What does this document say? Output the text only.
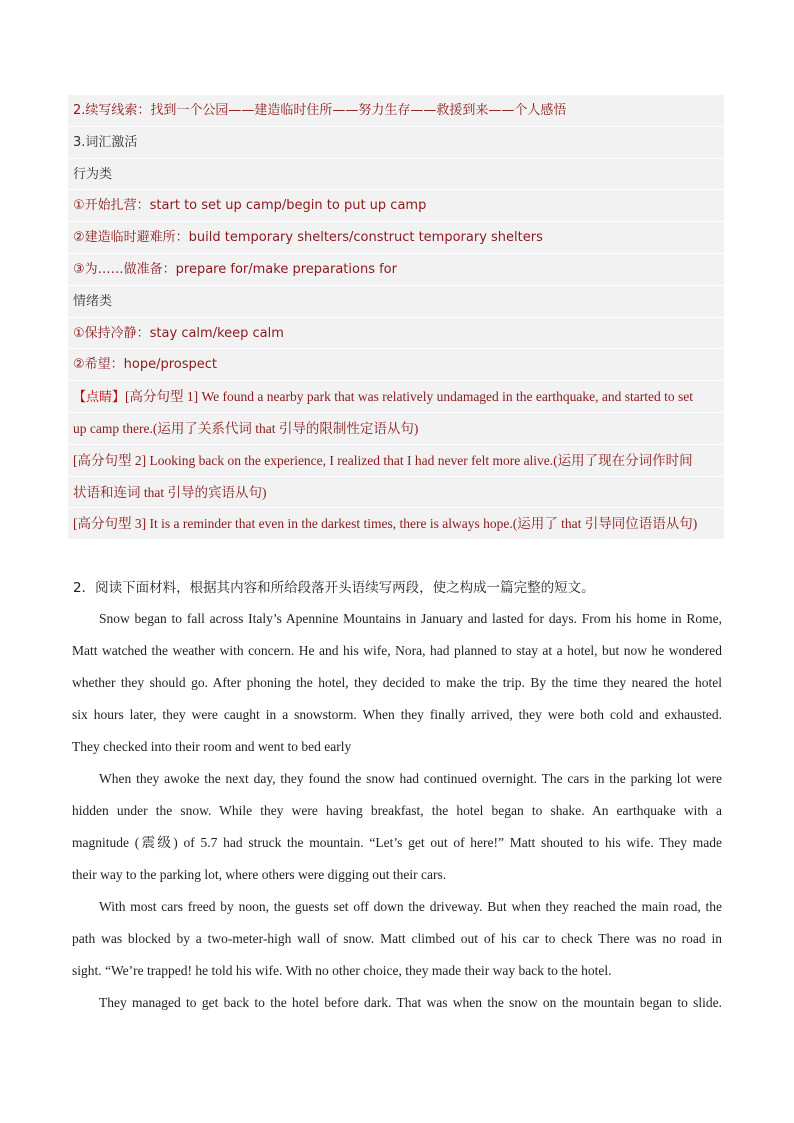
2.续写线索：找到一个公园——建造临时住所——努力生存——救援到来——个人感悟
3.词汇激活
行为类
①开始扎营：start to set up camp/begin to put up camp
②建造临时避难所：build temporary shelters/construct temporary shelters
③为……做准备：prepare for/make preparations for
情绪类
①保持冷静：stay calm/keep calm
②希望：hope/prospect
【点睛】[高分句型 1] We found a nearby park that was relatively undamaged in the earthquake, and started to set
up camp there.(运用了关系代词 that 引导的限制性定语从句)
[高分句型 2] Looking back on the experience, I realized that I had never felt more alive.(运用了现在分词作时间
状语和连词 that 引导的宾语从句)
[高分句型 3] It is a reminder that even in the darkest times, there is always hope.(运用了 that 引导同位语语从句)
2．阅读下面材料，根据其内容和所给段落开头语续写两段，使之构成一篇完整的短文。
Snow began to fall across Italy’s Apennine Mountains in January and lasted for days. From his home in Rome,
Matt watched the weather with concern. He and his wife, Nora, had planned to stay at a hotel, but now he wondered
whether they should go. After phoning the hotel, they decided to make the trip. By the time they neared the hotel
six hours later, they were caught in a snowstorm. When they finally arrived, they were both cold and exhausted.
They checked into their room and went to bed early
When they awoke the next day, they found the snow had continued overnight. The cars in the parking lot were
hidden under the snow. While they were having breakfast, the hotel began to shake. An earthquake with a
magnitude (震级) of 5.7 had struck the mountain. “Let’s get out of here!” Matt shouted to his wife. They made
their way to the parking lot, where others were digging out their cars.
With most cars freed by noon, the guests set off down the driveway. But when they reached the main road, the
path was blocked by a two-meter-high wall of snow. Matt climbed out of his car to check There was no road in
sight. “We’re trapped! he told his wife. With no other choice, they made their way back to the hotel.
They managed to get back to the hotel before dark. That was when the snow on the mountain began to slide.
